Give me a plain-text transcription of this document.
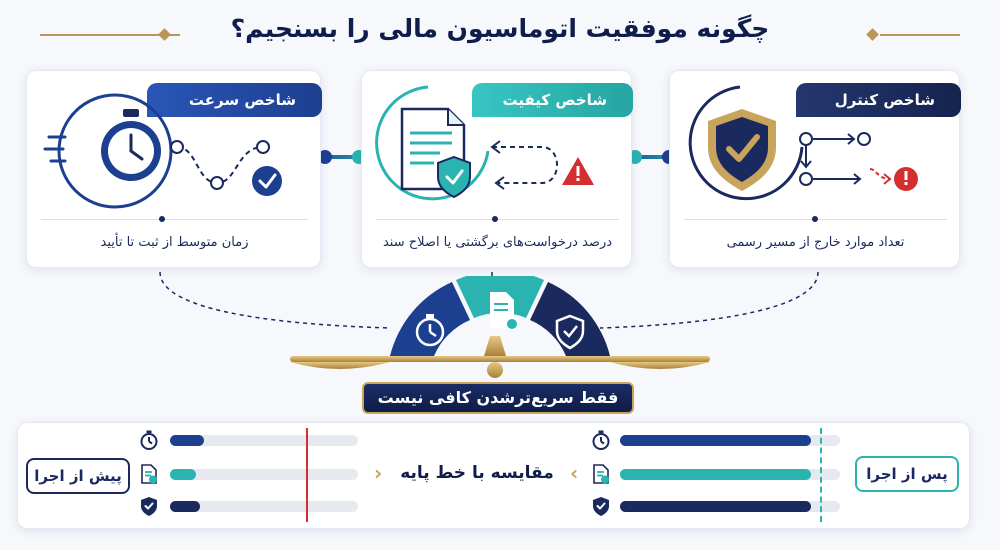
چگونه موفقیت اتوماسیون مالی را بسنجیم؟
شاخص سرعت
زمان متوسط از ثبت تا تأیید
شاخص کیفیت
درصد درخواست‌های برگشتی یا اصلاح سند
شاخص کنترل
تعداد موارد خارج از مسیر رسمی
فقط سریع‌ترشدن کافی نیست
پیش از اجرا	پس از اجرا
‹	مقایسه با خط پایه ›
